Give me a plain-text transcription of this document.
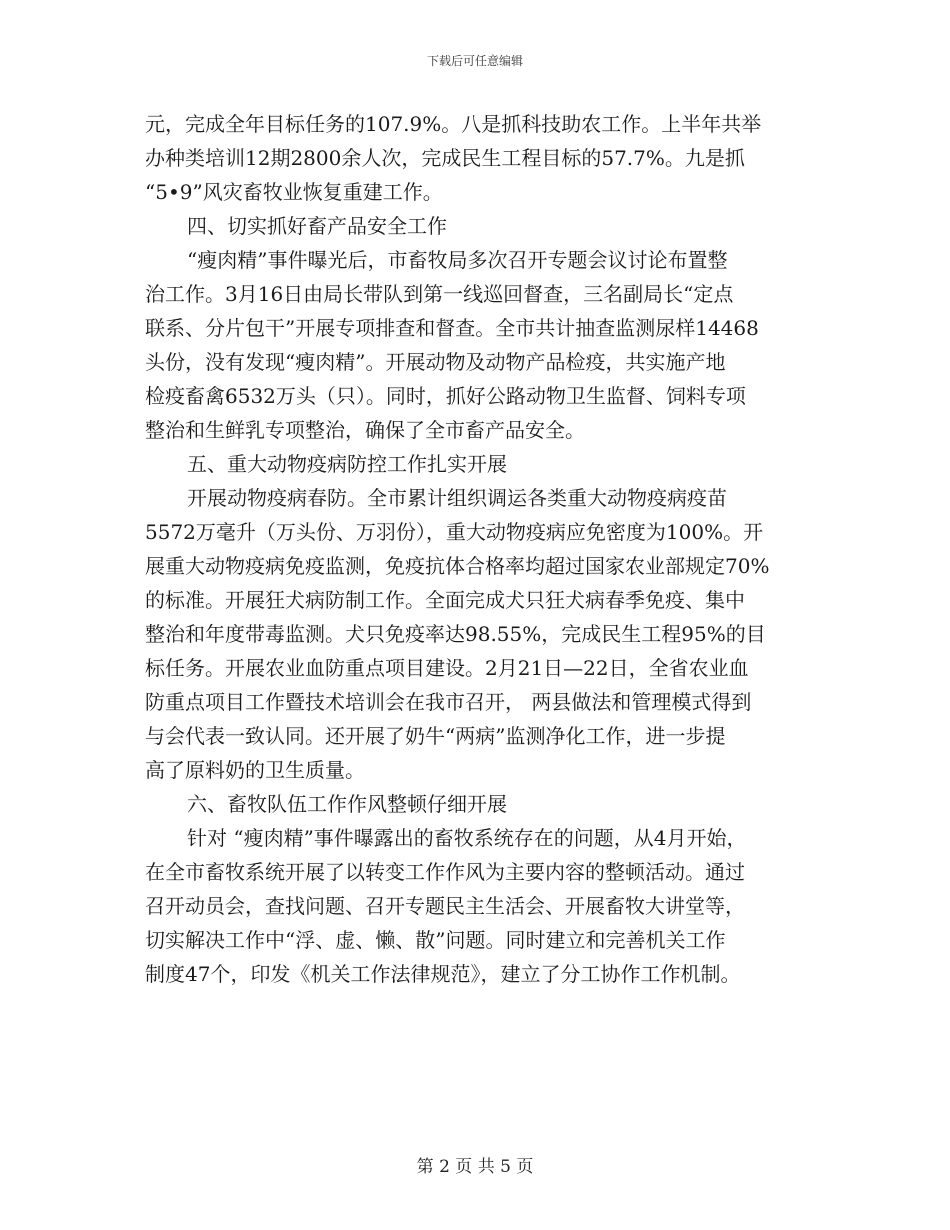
下载后可任意编辑
元，完成全年目标任务的107.9%。八是抓科技助农工作。上半年共举
办种类培训12期2800余人次，完成民生工程目标的57.7%。九是抓
“5•9”风灾畜牧业恢复重建工作。
四、切实抓好畜产品安全工作
“瘦肉精”事件曝光后，市畜牧局多次召开专题会议讨论布置整
治工作。3月16日由局长带队到第一线巡回督查，三名副局长“定点
联系、分片包干”开展专项排查和督查。全市共计抽查监测尿样14468
头份，没有发现“瘦肉精”。开展动物及动物产品检疫，共实施产地
检疫畜禽6532万头（只）。同时，抓好公路动物卫生监督、饲料专项
整治和生鲜乳专项整治，确保了全市畜产品安全。
五、重大动物疫病防控工作扎实开展
开展动物疫病春防。全市累计组织调运各类重大动物疫病疫苗
5572万毫升（万头份、万羽份），重大动物疫病应免密度为100%。开
展重大动物疫病免疫监测，免疫抗体合格率均超过国家农业部规定70%
的标准。开展狂犬病防制工作。全面完成犬只狂犬病春季免疫、集中
整治和年度带毒监测。犬只免疫率达98.55%，完成民生工程95%的目
标任务。开展农业血防重点项目建设。2月21日—22日，全省农业血
防重点项目工作暨技术培训会在我市召开， 两县做法和管理模式得到
与会代表一致认同。还开展了奶牛“两病”监测净化工作，进一步提
高了原料奶的卫生质量。
六、畜牧队伍工作作风整顿仔细开展
针对 “瘦肉精”事件曝露出的畜牧系统存在的问题，从4月开始，
在全市畜牧系统开展了以转变工作作风为主要内容的整顿活动。通过
召开动员会，查找问题、召开专题民主生活会、开展畜牧大讲堂等，
切实解决工作中“浮、虚、懒、散”问题。同时建立和完善机关工作
制度47个，印发《机关工作法律规范》，建立了分工协作工作机制。
第 2 页 共 5 页
